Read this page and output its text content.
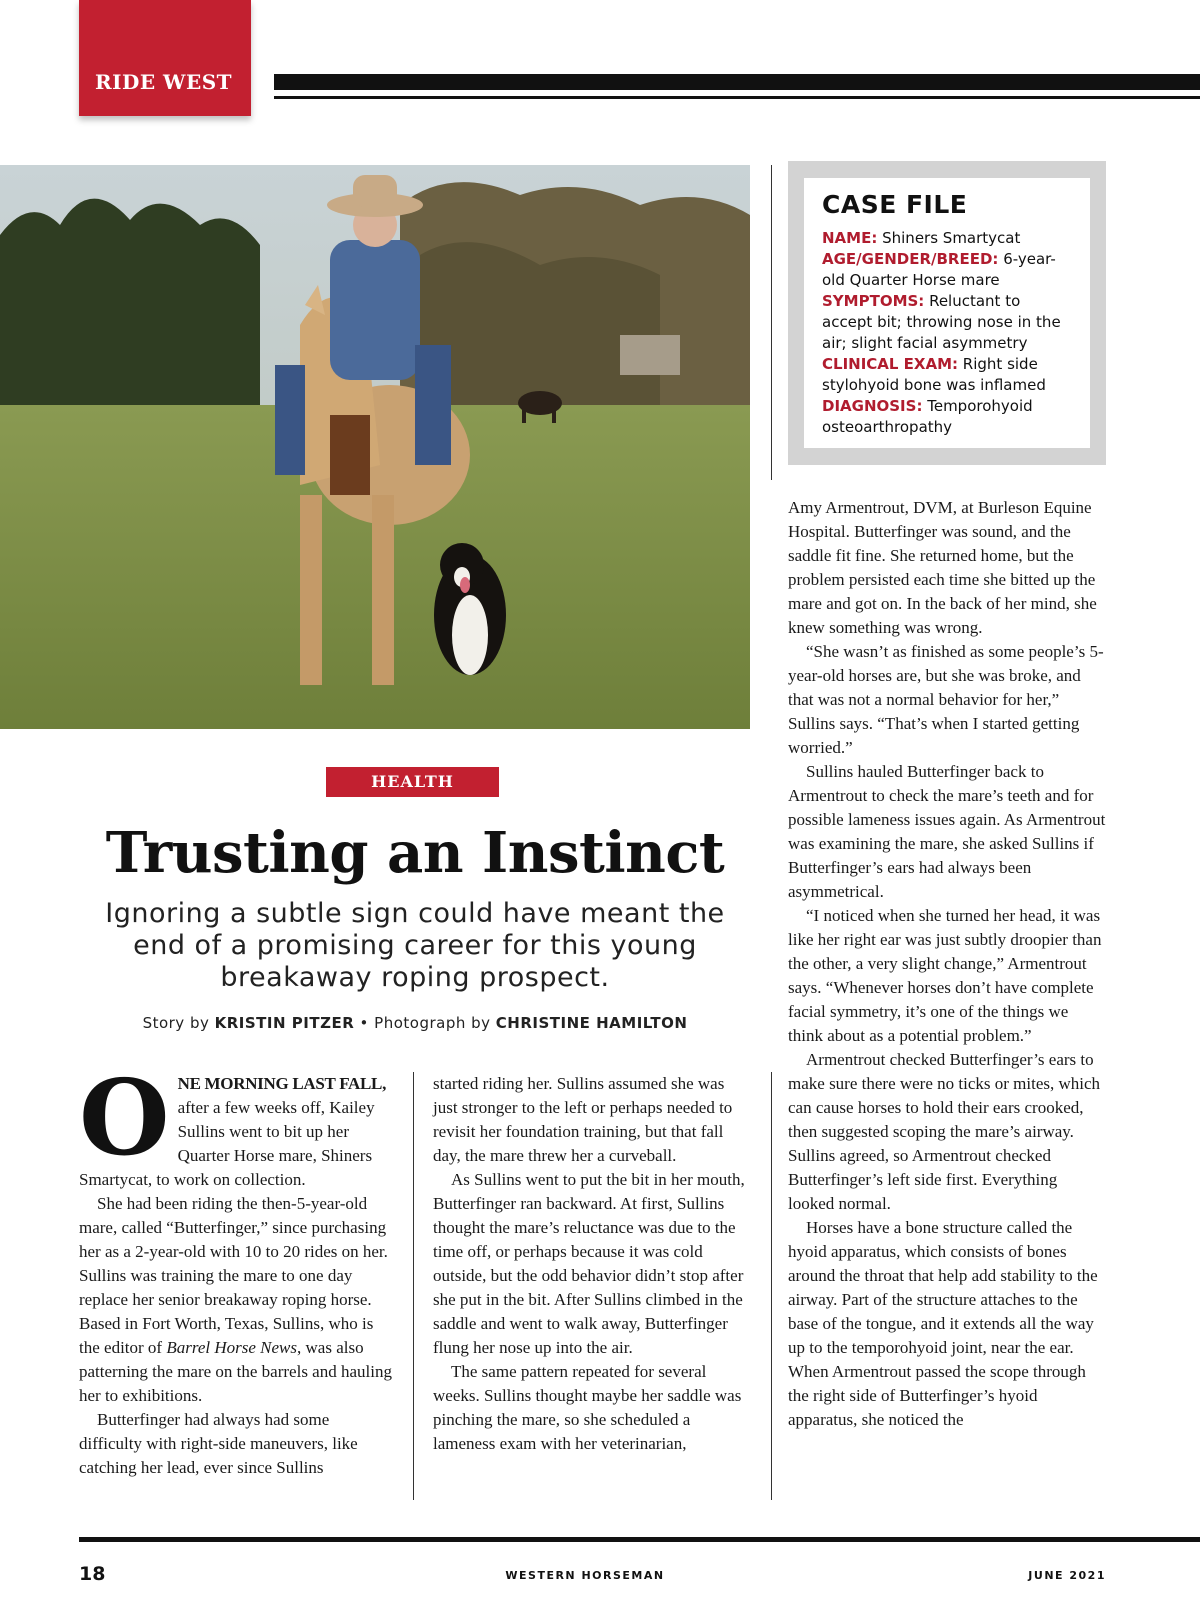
RIDE WEST
CASE FILE
NAME: Shiners Smartycat
AGE/GENDER/BREED: 6-year-old Quarter Horse mare
SYMPTOMS: Reluctant to accept bit; throwing nose in the air; slight facial asymmetry
CLINICAL EXAM: Right side stylohyoid bone was inflamed
DIAGNOSIS: Temporohyoid osteoarthropathy
HEALTH
Trusting an Instinct
Ignoring a subtle sign could have meant the end of a promising career for this young breakaway roping prospect.
Story by KRISTIN PITZER • Photograph by CHRISTINE HAMILTON

ONE MORNING LAST FALL, after a few weeks off, Kailey Sullins went to bit up her Quarter Horse mare, Shiners Smartycat, to work on collection.

She had been riding the then-5-year-old mare, called “Butterfinger,” since purchasing her as a 2-year-old with 10 to 20 rides on her. Sullins was training the mare to one day replace her senior breakaway roping horse. Based in Fort Worth, Texas, Sullins, who is the editor of Barrel Horse News, was also patterning the mare on the barrels and hauling her to exhibitions.

Butterfinger had always had some difficulty with right-side maneuvers, like catching her lead, ever since Sullins

started riding her. Sullins assumed she was just stronger to the left or perhaps needed to revisit her foundation training, but that fall day, the mare threw her a curveball.

As Sullins went to put the bit in her mouth, Butterfinger ran backward. At first, Sullins thought the mare’s reluctance was due to the time off, or perhaps because it was cold outside, but the odd behavior didn’t stop after she put in the bit. After Sullins climbed in the saddle and went to walk away, Butterfinger flung her nose up into the air.

The same pattern repeated for several weeks. Sullins thought maybe her saddle was pinching the mare, so she scheduled a lameness exam with her veterinarian,

Amy Armentrout, DVM, at Burleson Equine Hospital. Butterfinger was sound, and the saddle fit fine. She returned home, but the problem persisted each time she bitted up the mare and got on. In the back of her mind, she knew something was wrong.

“She wasn’t as finished as some people’s 5-year-old horses are, but she was broke, and that was not a normal behavior for her,” Sullins says. “That’s when I started getting worried.”

Sullins hauled Butterfinger back to Armentrout to check the mare’s teeth and for possible lameness issues again. As Armentrout was examining the mare, she asked Sullins if Butterfinger’s ears had always been asymmetrical.

“I noticed when she turned her head, it was like her right ear was just subtly droopier than the other, a very slight change,” Armentrout says. “Whenever horses don’t have complete facial symmetry, it’s one of the things we think about as a potential problem.”

Armentrout checked Butterfinger’s ears to make sure there were no ticks or mites, which can cause horses to hold their ears crooked, then suggested scoping the mare’s airway. Sullins agreed, so Armentrout checked Butterfinger’s left side first. Everything looked normal.

Horses have a bone structure called the hyoid apparatus, which consists of bones around the throat that help add stability to the airway. Part of the structure attaches to the base of the tongue, and it extends all the way up to the temporohyoid joint, near the ear. When Armentrout passed the scope through the right side of Butterfinger’s hyoid apparatus, she noticed the

18	WESTERN HORSEMAN	JUNE 2021
